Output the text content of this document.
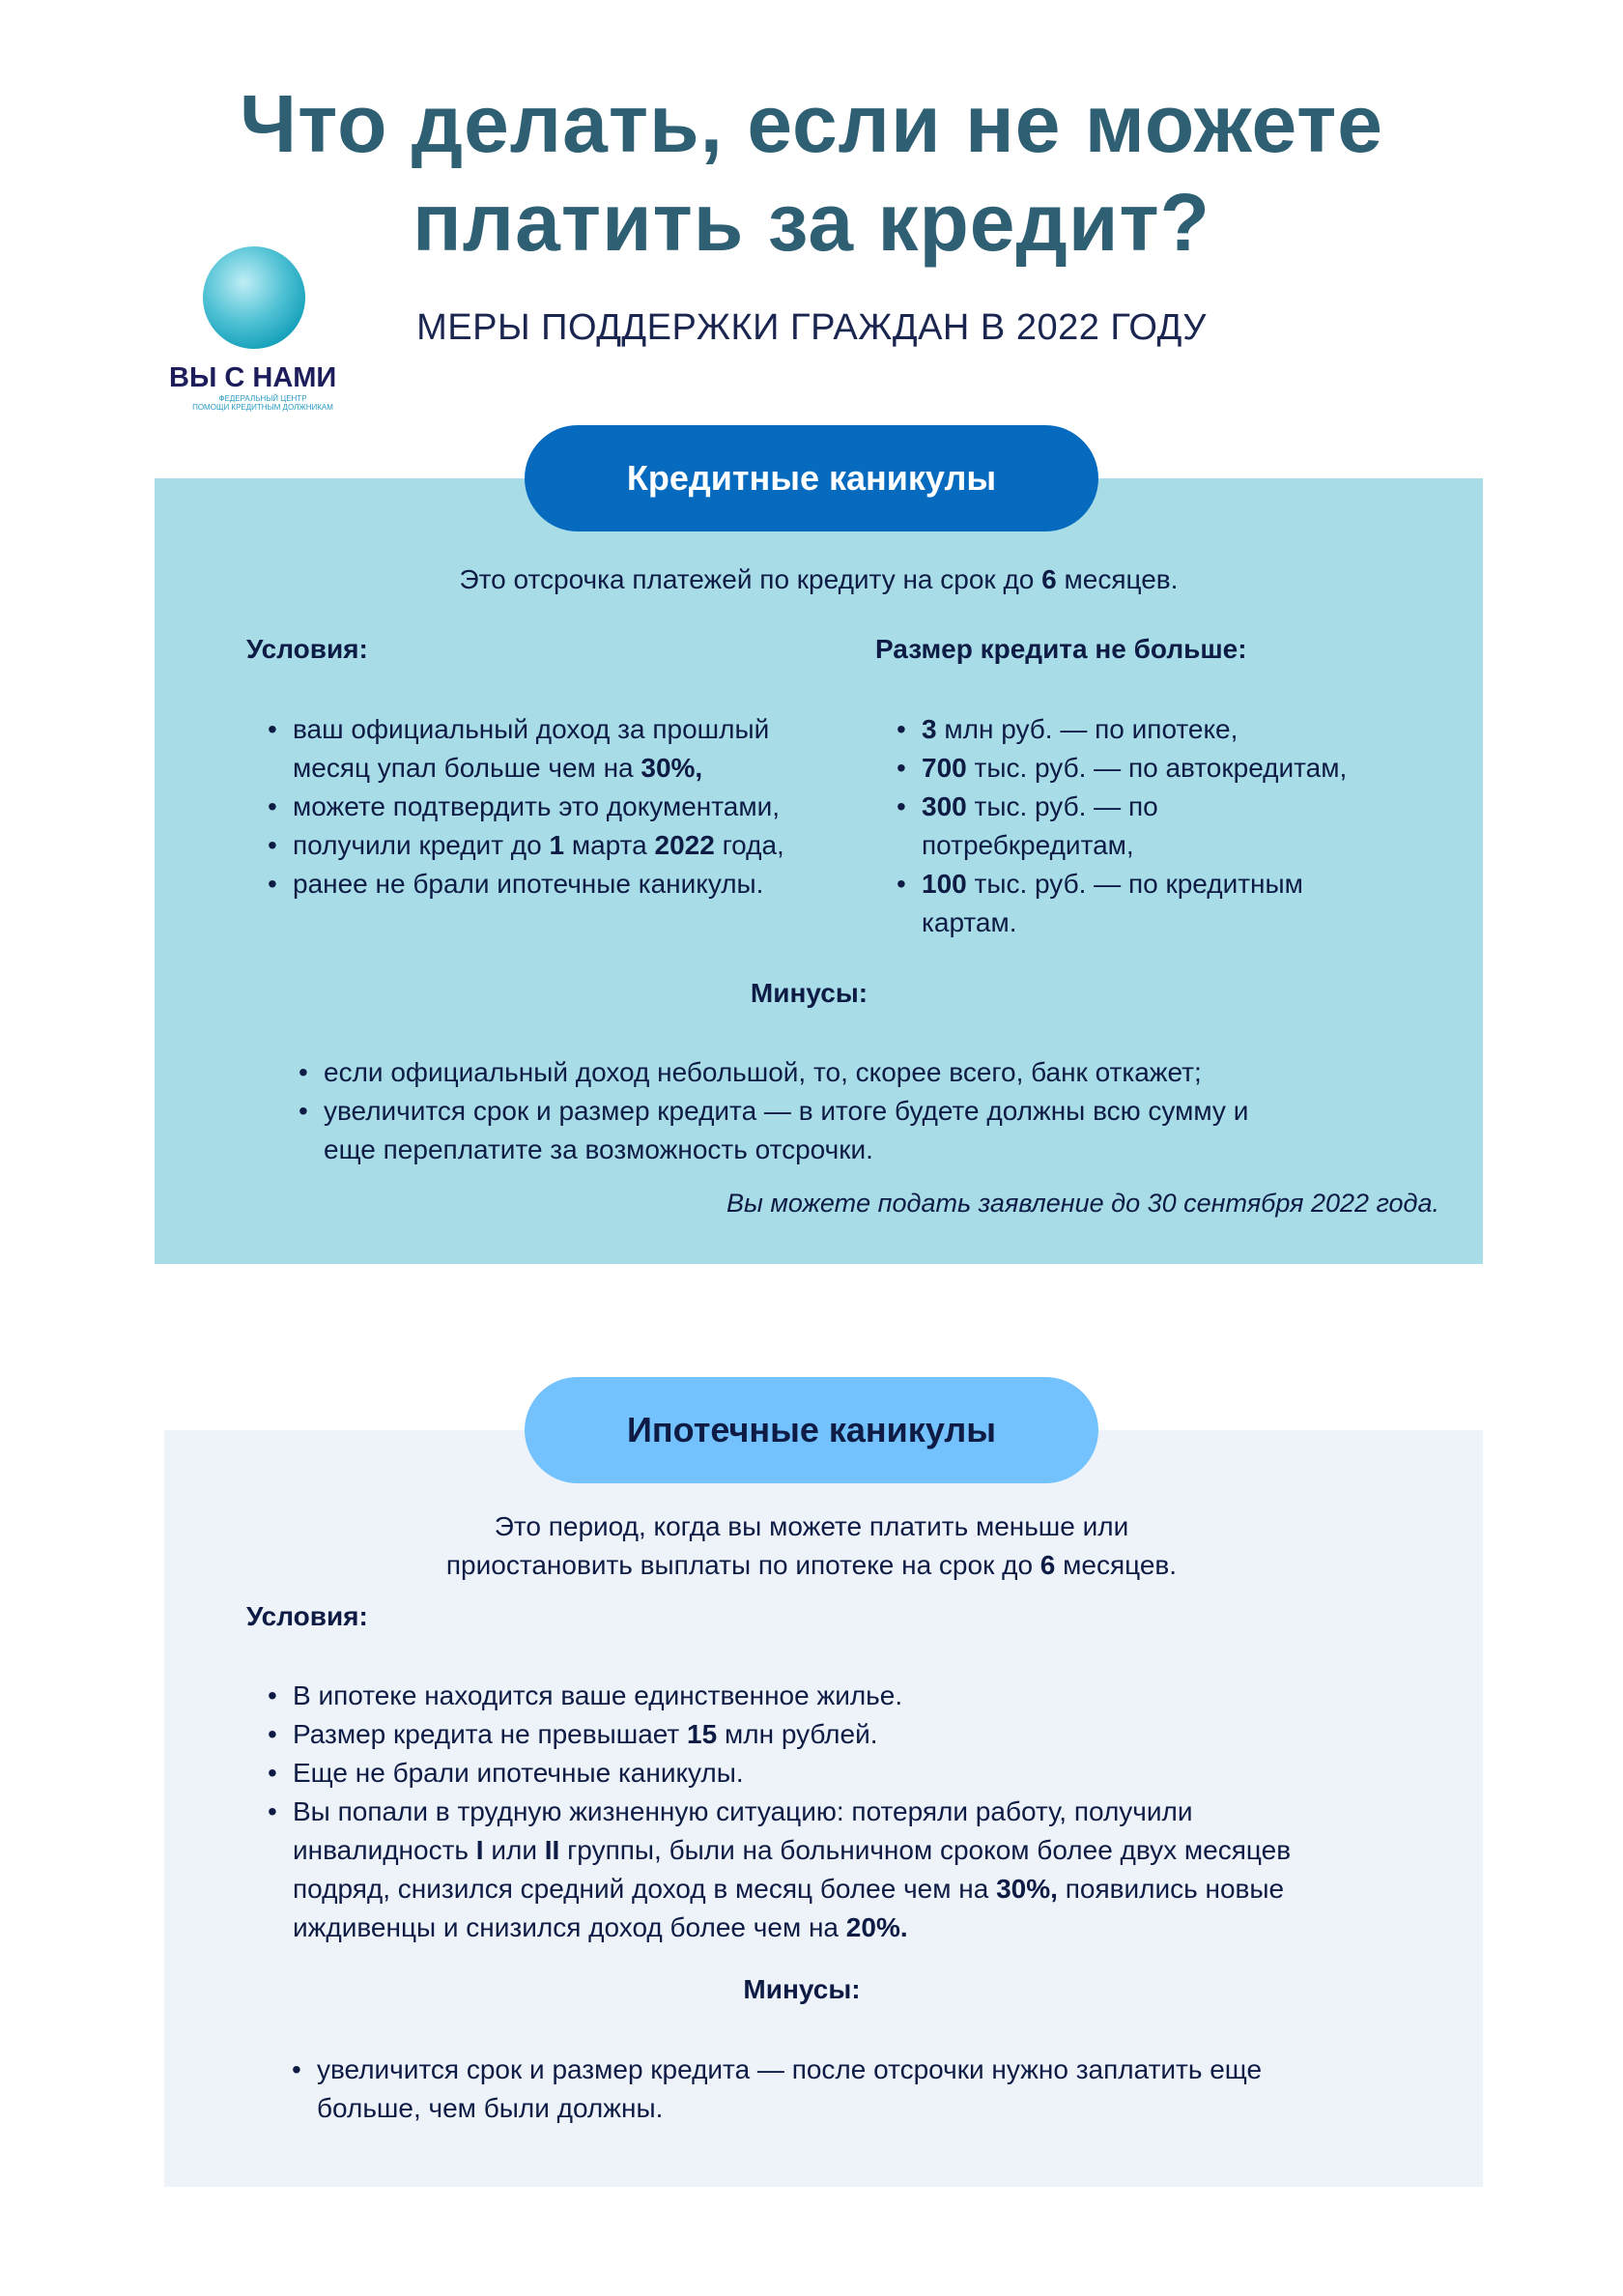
Что делать, если не можете
платить за кредит?
МЕРЫ ПОДДЕРЖКИ ГРАЖДАН В 2022 ГОДУ
ВЫ С НАМИ
ФЕДЕРАЛЬНЫЙ ЦЕНТР
ПОМОЩИ КРЕДИТНЫМ ДОЛЖНИКАМ
Кредитные каникулы
Это отсрочка платежей по кредиту на срок до 6 месяцев.
Условия:	Размер кредита не больше:
• ваш официальный доход за прошлый
месяц упал больше чем на 30%,
• можете подтвердить это документами,
• получили кредит до 1 марта 2022 года,
• ранее не брали ипотечные каникулы.
• 3 млн руб. — по ипотеке,
• 700 тыс. руб. — по автокредитам,
• 300 тыс. руб. — по
потребкредитам,
• 100 тыс. руб. — по кредитным
картам.
Минусы:
• если официальный доход небольшой, то, скорее всего, банк откажет;
• увеличится срок и размер кредита — в итоге будете должны всю сумму и
еще переплатите за возможность отсрочки.
Вы можете подать заявление до 30 сентября 2022 года.
Ипотечные каникулы
Это период, когда вы можете платить меньше или
приостановить выплаты по ипотеке на срок до 6 месяцев.
Условия:
• В ипотеке находится ваше единственное жилье.
• Размер кредита не превышает 15 млн рублей.
• Еще не брали ипотечные каникулы.
• Вы попали в трудную жизненную ситуацию: потеряли работу, получили
инвалидность I или II группы, были на больничном сроком более двух месяцев
подряд, снизился средний доход в месяц более чем на 30%, появились новые
иждивенцы и снизился доход более чем на 20%.
Минусы:
• увеличится срок и размер кредита — после отсрочки нужно заплатить еще
больше, чем были должны.
